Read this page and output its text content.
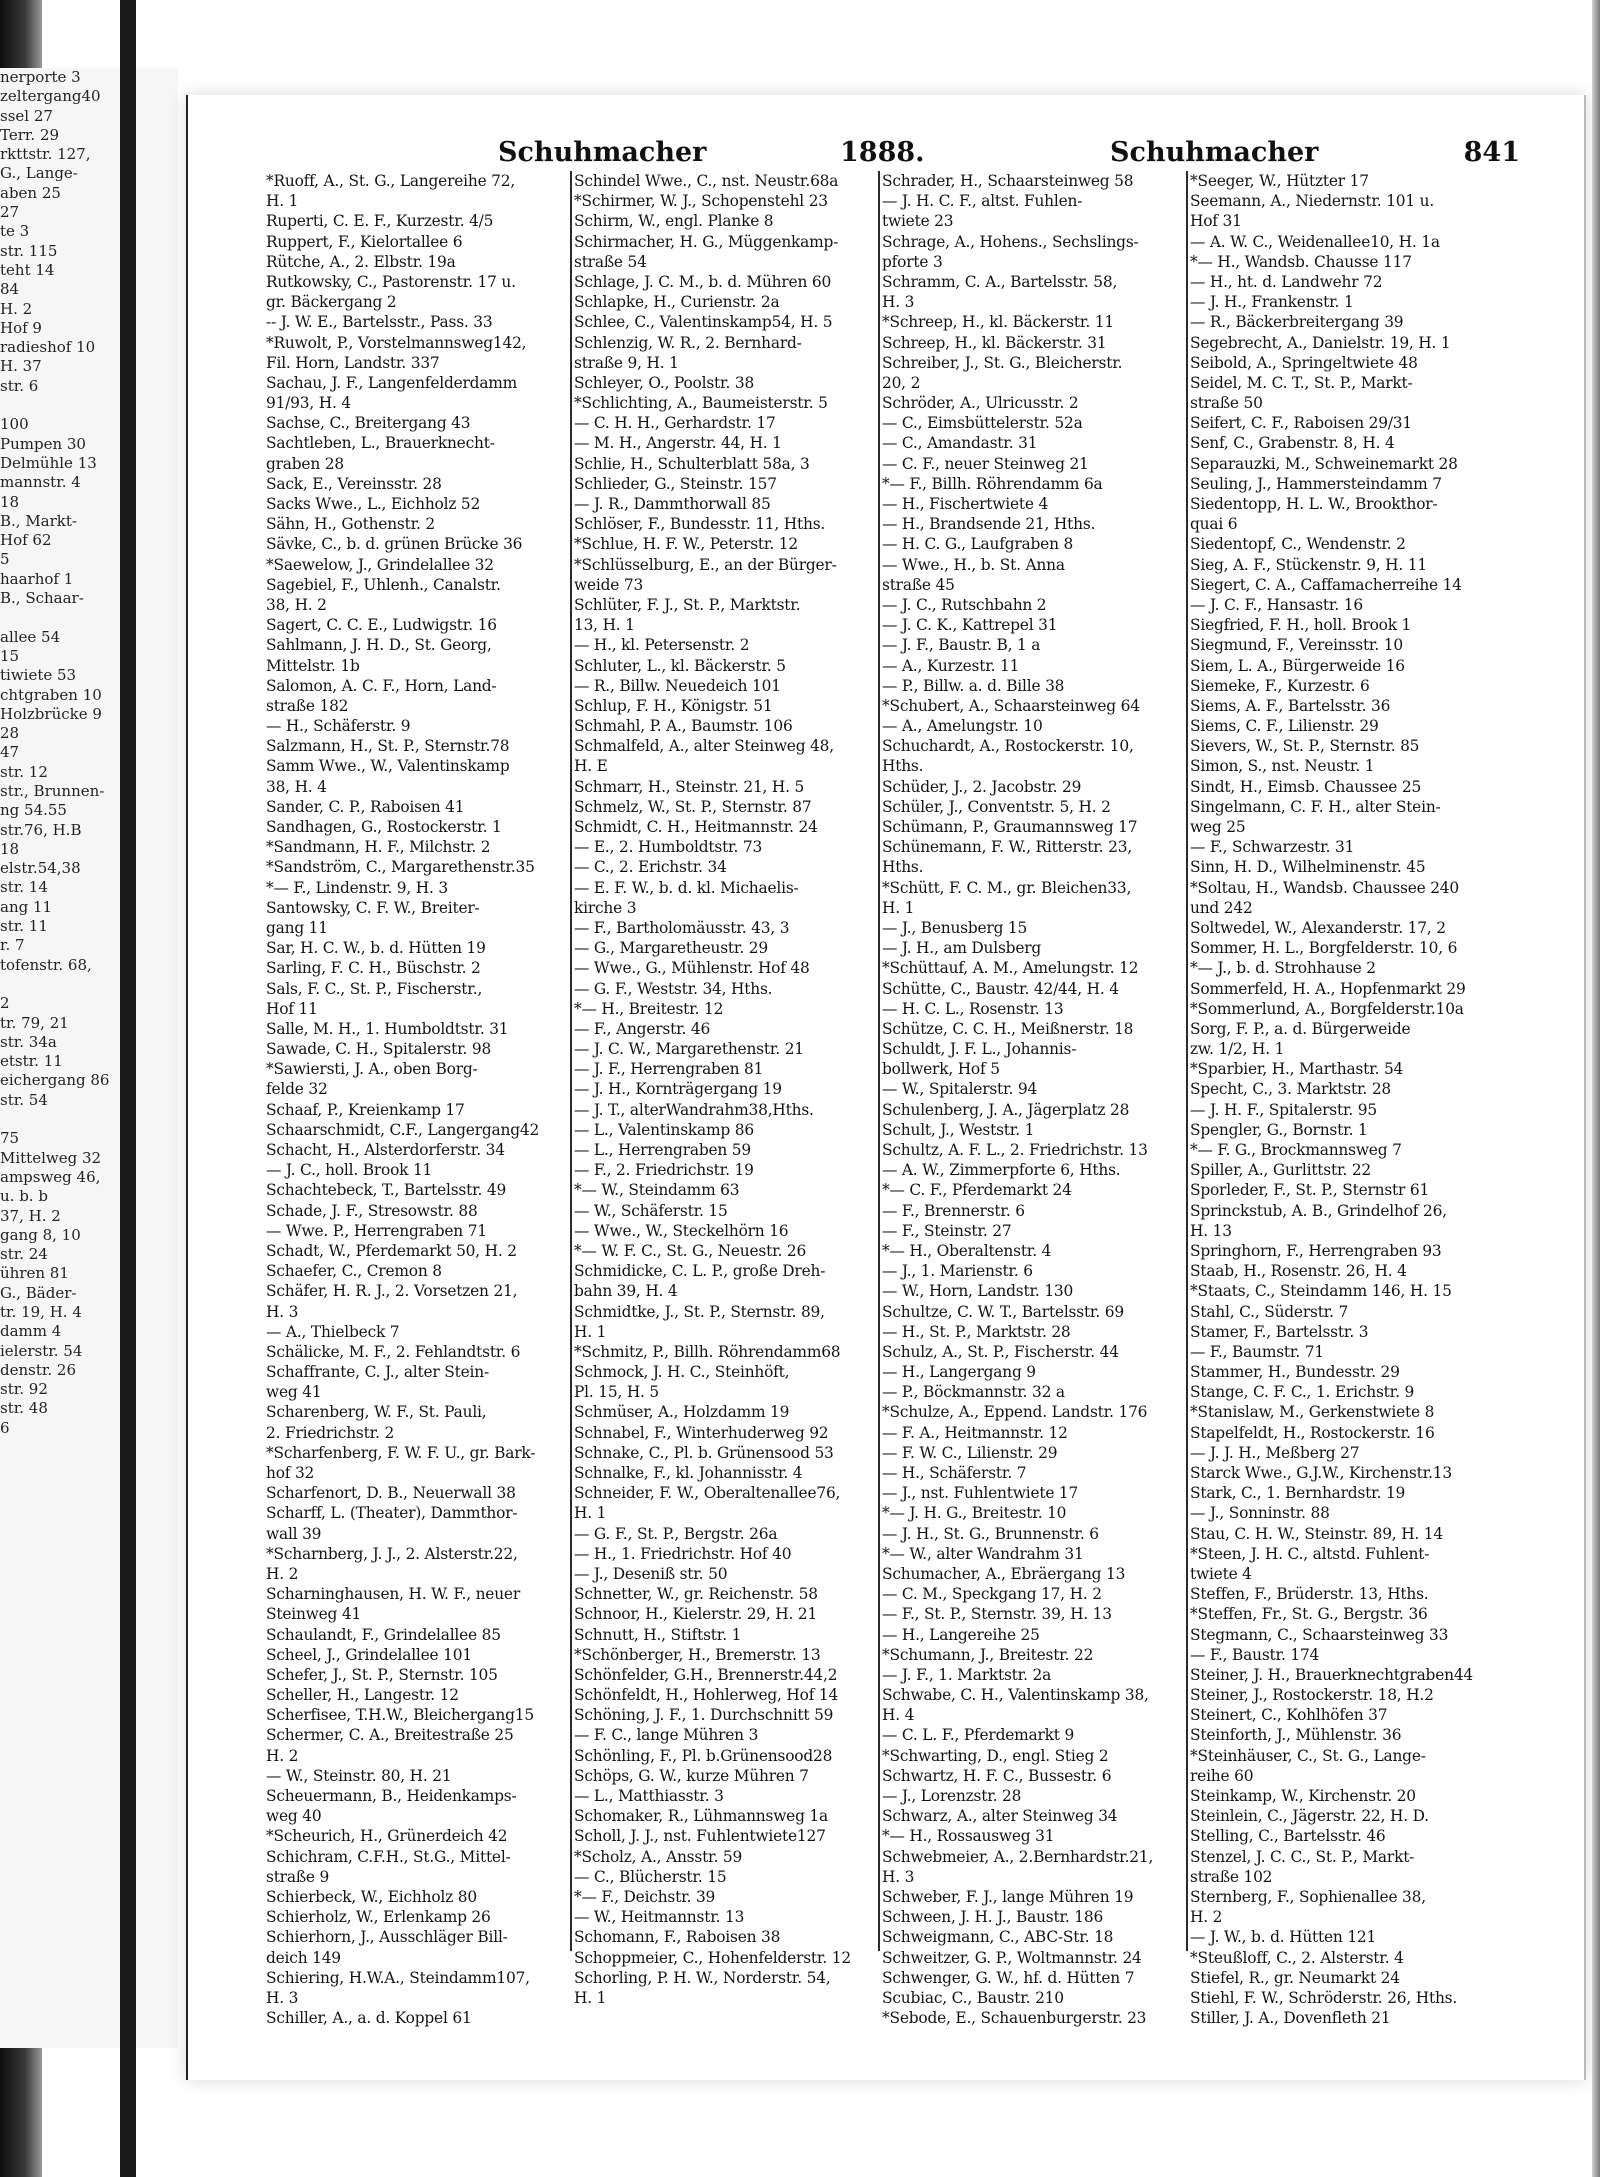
nerporte 3
zeltergang40
ssel 27
Terr. 29
rkttstr. 127,
G., Lange-
aben 25
27
te 3
str. 115
teht 14
84
H. 2
Hof 9
radieshof 10
H. 37
str. 6
100
Pumpen 30
Delmühle 13
mannstr. 4
18
B., Markt-
Hof 62
5
haarhof 1
B., Schaar-
allee 54
15
tiwiete 53
chtgraben 10
Holzbrücke 9
28
47
str. 12
str., Brunnen-
ng 54.55
str.76, H.B
18
elstr.54,38
str. 14
ang 11
str. 11
r. 7
tofenstr. 68,
2
tr. 79, 21
str. 34a
etstr. 11
eichergang 86
str. 54
75
Mittelweg 32
ampsweg 46,
u. b. b
37, H. 2
gang 8, 10
str. 24
ühren 81
G., Bäder-
tr. 19, H. 4
damm 4
ielerstr. 54
denstr. 26
str. 92
str. 48
6
Schuhmacher	1888.	Schuhmacher	841
*Ruoff, A., St. G., Langereihe 72,
H. 1
Ruperti, C. E. F., Kurzestr. 4/5
Ruppert, F., Kielortallee 6
Rütche, A., 2. Elbstr. 19a
Rutkowsky, C., Pastorenstr. 17 u.
gr. Bäckergang 2
-- J. W. E., Bartelsstr., Pass. 33
*Ruwolt, P., Vorstelmannsweg142,
Fil. Horn, Landstr. 337
Sachau, J. F., Langenfelderdamm
91/93, H. 4
Sachse, C., Breitergang 43
Sachtleben, L., Brauerknecht-
graben 28
Sack, E., Vereinsstr. 28
Sacks Wwe., L., Eichholz 52
Sähn, H., Gothenstr. 2
Sävke, C., b. d. grünen Brücke 36
*Saewelow, J., Grindelallee 32
Sagebiel, F., Uhlenh., Canalstr.
38, H. 2
Sagert, C. C. E., Ludwigstr. 16
Sahlmann, J. H. D., St. Georg,
Mittelstr. 1b
Salomon, A. C. F., Horn, Land-
straße 182
— H., Schäferstr. 9
Salzmann, H., St. P., Sternstr.78
Samm Wwe., W., Valentinskamp
38, H. 4
Sander, C. P., Raboisen 41
Sandhagen, G., Rostockerstr. 1
*Sandmann, H. F., Milchstr. 2
*Sandström, C., Margarethenstr.35
*— F., Lindenstr. 9, H. 3
Santowsky, C. F. W., Breiter-
gang 11
Sar, H. C. W., b. d. Hütten 19
Sarling, F. C. H., Büschstr. 2
Sals, F. C., St. P., Fischerstr.,
Hof 11
Salle, M. H., 1. Humboldtstr. 31
Sawade, C. H., Spitalerstr. 98
*Sawiersti, J. A., oben Borg-
felde 32
Schaaf, P., Kreienkamp 17
Schaarschmidt, C.F., Langergang42
Schacht, H., Alsterdorferstr. 34
— J. C., holl. Brook 11
Schachtebeck, T., Bartelsstr. 49
Schade, J. F., Stresowstr. 88
— Wwe. P., Herrengraben 71
Schadt, W., Pferdemarkt 50, H. 2
Schaefer, C., Cremon 8
Schäfer, H. R. J., 2. Vorsetzen 21,
H. 3
— A., Thielbeck 7
Schälicke, M. F., 2. Fehlandtstr. 6
Schaffrante, C. J., alter Stein-
weg 41
Scharenberg, W. F., St. Pauli,
2. Friedrichstr. 2
*Scharfenberg, F. W. F. U., gr. Bark-
hof 32
Scharfenort, D. B., Neuerwall 38
Scharff, L. (Theater), Dammthor-
wall 39
*Scharnberg, J. J., 2. Alsterstr.22,
H. 2
Scharninghausen, H. W. F., neuer
Steinweg 41
Schaulandt, F., Grindelallee 85
Scheel, J., Grindelallee 101
Schefer, J., St. P., Sternstr. 105
Scheller, H., Langestr. 12
Scherfisee, T.H.W., Bleichergang15
Schermer, C. A., Breitestraße 25
H. 2
— W., Steinstr. 80, H. 21
Scheuermann, B., Heidenkamps-
weg 40
*Scheurich, H., Grünerdeich 42
Schichram, C.F.H., St.G., Mittel-
straße 9
Schierbeck, W., Eichholz 80
Schierholz, W., Erlenkamp 26
Schierhorn, J., Ausschläger Bill-
deich 149
Schiering, H.W.A., Steindamm107,
H. 3
Schiller, A., a. d. Koppel 61
Schindel Wwe., C., nst. Neustr.68a
*Schirmer, W. J., Schopenstehl 23
Schirm, W., engl. Planke 8
Schirmacher, H. G., Müggenkamp-
straße 54
Schlage, J. C. M., b. d. Mühren 60
Schlapke, H., Curienstr. 2a
Schlee, C., Valentinskamp54, H. 5
Schlenzig, W. R., 2. Bernhard-
straße 9, H. 1
Schleyer, O., Poolstr. 38
*Schlichting, A., Baumeisterstr. 5
— C. H. H., Gerhardstr. 17
— M. H., Angerstr. 44, H. 1
Schlie, H., Schulterblatt 58a, 3
Schlieder, G., Steinstr. 157
— J. R., Dammthorwall 85
Schlöser, F., Bundesstr. 11, Hths.
*Schlue, H. F. W., Peterstr. 12
*Schlüsselburg, E., an der Bürger-
weide 73
Schlüter, F. J., St. P., Marktstr.
13, H. 1
— H., kl. Petersenstr. 2
Schluter, L., kl. Bäckerstr. 5
— R., Billw. Neuedeich 101
Schlup, F. H., Königstr. 51
Schmahl, P. A., Baumstr. 106
Schmalfeld, A., alter Steinweg 48,
H. E
Schmarr, H., Steinstr. 21, H. 5
Schmelz, W., St. P., Sternstr. 87
Schmidt, C. H., Heitmannstr. 24
— E., 2. Humboldtstr. 73
— C., 2. Erichstr. 34
— E. F. W., b. d. kl. Michaelis-
kirche 3
— F., Bartholomäusstr. 43, 3
— G., Margaretheustr. 29
— Wwe., G., Mühlenstr. Hof 48
— G. F., Weststr. 34, Hths.
*— H., Breitestr. 12
— F., Angerstr. 46
— J. C. W., Margarethenstr. 21
— J. F., Herrengraben 81
— J. H., Kornträgergang 19
— J. T., alterWandrahm38,Hths.
— L., Valentinskamp 86
— L., Herrengraben 59
— F., 2. Friedrichstr. 19
*— W., Steindamm 63
— W., Schäferstr. 15
— Wwe., W., Steckelhörn 16
*— W. F. C., St. G., Neuestr. 26
Schmidicke, C. L. P., große Dreh-
bahn 39, H. 4
Schmidtke, J., St. P., Sternstr. 89,
H. 1
*Schmitz, P., Billh. Röhrendamm68
Schmock, J. H. C., Steinhöft,
Pl. 15, H. 5
Schmüser, A., Holzdamm 19
Schnabel, F., Winterhuderweg 92
Schnake, C., Pl. b. Grünensood 53
Schnalke, F., kl. Johannisstr. 4
Schneider, F. W., Oberaltenallee76,
H. 1
— G. F., St. P., Bergstr. 26a
— H., 1. Friedrichstr. Hof 40
— J., Deseniß str. 50
Schnetter, W., gr. Reichenstr. 58
Schnoor, H., Kielerstr. 29, H. 21
Schnutt, H., Stiftstr. 1
*Schönberger, H., Bremerstr. 13
Schönfelder, G.H., Brennerstr.44,2
Schönfeldt, H., Hohlerweg, Hof 14
Schöning, J. F., 1. Durchschnitt 59
— F. C., lange Mühren 3
Schönling, F., Pl. b.Grünensood28
Schöps, G. W., kurze Mühren 7
— L., Matthiasstr. 3
Schomaker, R., Lühmannsweg 1a
Scholl, J. J., nst. Fuhlentwiete127
*Scholz, A., Ansstr. 59
— C., Blücherstr. 15
*— F., Deichstr. 39
— W., Heitmannstr. 13
Schomann, F., Raboisen 38
Schoppmeier, C., Hohenfelderstr. 12
Schorling, P. H. W., Norderstr. 54,
H. 1
Schrader, H., Schaarsteinweg 58
— J. H. C. F., altst. Fuhlen-
twiete 23
Schrage, A., Hohens., Sechslings-
pforte 3
Schramm, C. A., Bartelsstr. 58,
H. 3
*Schreep, H., kl. Bäckerstr. 11
Schreep, H., kl. Bäckerstr. 31
Schreiber, J., St. G., Bleicherstr.
20, 2
Schröder, A., Ulricusstr. 2
— C., Eimsbüttelerstr. 52a
— C., Amandastr. 31
— C. F., neuer Steinweg 21
*— F., Billh. Röhrendamm 6a
— H., Fischertwiete 4
— H., Brandsende 21, Hths.
— H. C. G., Laufgraben 8
— Wwe., H., b. St. Anna
straße 45
— J. C., Rutschbahn 2
— J. C. K., Kattrepel 31
— J. F., Baustr. B, 1 a
— A., Kurzestr. 11
— P., Billw. a. d. Bille 38
*Schubert, A., Schaarsteinweg 64
— A., Amelungstr. 10
Schuchardt, A., Rostockerstr. 10,
Hths.
Schüder, J., 2. Jacobstr. 29
Schüler, J., Conventstr. 5, H. 2
Schümann, P., Graumannsweg 17
Schünemann, F. W., Ritterstr. 23,
Hths.
*Schütt, F. C. M., gr. Bleichen33,
H. 1
— J., Benusberg 15
— J. H., am Dulsberg
*Schüttauf, A. M., Amelungstr. 12
Schütte, C., Baustr. 42/44, H. 4
— H. C. L., Rosenstr. 13
Schütze, C. C. H., Meißnerstr. 18
Schuldt, J. F. L., Johannis-
bollwerk, Hof 5
— W., Spitalerstr. 94
Schulenberg, J. A., Jägerplatz 28
Schult, J., Weststr. 1
Schultz, A. F. L., 2. Friedrichstr. 13
— A. W., Zimmerpforte 6, Hths.
*— C. F., Pferdemarkt 24
— F., Brennerstr. 6
— F., Steinstr. 27
*— H., Oberaltenstr. 4
— J., 1. Marienstr. 6
— W., Horn, Landstr. 130
Schultze, C. W. T., Bartelsstr. 69
— H., St. P., Marktstr. 28
Schulz, A., St. P., Fischerstr. 44
— H., Langergang 9
— P., Böckmannstr. 32 a
*Schulze, A., Eppend. Landstr. 176
— F. A., Heitmannstr. 12
— F. W. C., Lilienstr. 29
— H., Schäferstr. 7
— J., nst. Fuhlentwiete 17
*— J. H. G., Breitestr. 10
— J. H., St. G., Brunnenstr. 6
*— W., alter Wandrahm 31
Schumacher, A., Ebräergang 13
— C. M., Speckgang 17, H. 2
— F., St. P., Sternstr. 39, H. 13
— H., Langereihe 25
*Schumann, J., Breitestr. 22
— J. F., 1. Marktstr. 2a
Schwabe, C. H., Valentinskamp 38,
H. 4
— C. L. F., Pferdemarkt 9
*Schwarting, D., engl. Stieg 2
Schwartz, H. F. C., Bussestr. 6
— J., Lorenzstr. 28
Schwarz, A., alter Steinweg 34
*— H., Rossausweg 31
Schwebmeier, A., 2.Bernhardstr.21,
H. 3
Schweber, F. J., lange Mühren 19
Schween, J. H. J., Baustr. 186
Schweigmann, C., ABC-Str. 18
Schweitzer, G. P., Woltmannstr. 24
Schwenger, G. W., hf. d. Hütten 7
Scubiac, C., Baustr. 210
*Sebode, E., Schauenburgerstr. 23
*Seeger, W., Hützter 17
Seemann, A., Niedernstr. 101 u.
Hof 31
— A. W. C., Weidenallee10, H. 1a
*— H., Wandsb. Chausse 117
— H., ht. d. Landwehr 72
— J. H., Frankenstr. 1
— R., Bäckerbreitergang 39
Segebrecht, A., Danielstr. 19, H. 1
Seibold, A., Springeltwiete 48
Seidel, M. C. T., St. P., Markt-
straße 50
Seifert, C. F., Raboisen 29/31
Senf, C., Grabenstr. 8, H. 4
Separauzki, M., Schweinemarkt 28
Seuling, J., Hammersteindamm 7
Siedentopp, H. L. W., Brookthor-
quai 6
Siedentopf, C., Wendenstr. 2
Sieg, A. F., Stückenstr. 9, H. 11
Siegert, C. A., Caffamacherreihe 14
— J. C. F., Hansastr. 16
Siegfried, F. H., holl. Brook 1
Siegmund, F., Vereinsstr. 10
Siem, L. A., Bürgerweide 16
Siemeke, F., Kurzestr. 6
Siems, A. F., Bartelsstr. 36
Siems, C. F., Lilienstr. 29
Sievers, W., St. P., Sternstr. 85
Simon, S., nst. Neustr. 1
Sindt, H., Eimsb. Chaussee 25
Singelmann, C. F. H., alter Stein-
weg 25
— F., Schwarzestr. 31
Sinn, H. D., Wilhelminenstr. 45
*Soltau, H., Wandsb. Chaussee 240
und 242
Soltwedel, W., Alexanderstr. 17, 2
Sommer, H. L., Borgfelderstr. 10, 6
*— J., b. d. Strohhause 2
Sommerfeld, H. A., Hopfenmarkt 29
*Sommerlund, A., Borgfelderstr.10a
Sorg, F. P., a. d. Bürgerweide
zw. 1/2, H. 1
*Sparbier, H., Marthastr. 54
Specht, C., 3. Marktstr. 28
— J. H. F., Spitalerstr. 95
Spengler, G., Bornstr. 1
*— F. G., Brockmannsweg 7
Spiller, A., Gurlittstr. 22
Sporleder, F., St. P., Sternstr 61
Sprinckstub, A. B., Grindelhof 26,
H. 13
Springhorn, F., Herrengraben 93
Staab, H., Rosenstr. 26, H. 4
*Staats, C., Steindamm 146, H. 15
Stahl, C., Süderstr. 7
Stamer, F., Bartelsstr. 3
— F., Baumstr. 71
Stammer, H., Bundesstr. 29
Stange, C. F. C., 1. Erichstr. 9
*Stanislaw, M., Gerkenstwiete 8
Stapelfeldt, H., Rostockerstr. 16
— J. J. H., Meßberg 27
Starck Wwe., G.J.W., Kirchenstr.13
Stark, C., 1. Bernhardstr. 19
— J., Sonninstr. 88
Stau, C. H. W., Steinstr. 89, H. 14
*Steen, J. H. C., altstd. Fuhlent-
twiete 4
Steffen, F., Brüderstr. 13, Hths.
*Steffen, Fr., St. G., Bergstr. 36
Stegmann, C., Schaarsteinweg 33
— F., Baustr. 174
Steiner, J. H., Brauerknechtgraben44
Steiner, J., Rostockerstr. 18, H.2
Steinert, C., Kohlhöfen 37
Steinforth, J., Mühlenstr. 36
*Steinhäuser, C., St. G., Lange-
reihe 60
Steinkamp, W., Kirchenstr. 20
Steinlein, C., Jägerstr. 22, H. D.
Stelling, C., Bartelsstr. 46
Stenzel, J. C. C., St. P., Markt-
straße 102
Sternberg, F., Sophienallee 38,
H. 2
— J. W., b. d. Hütten 121
*Steußloff, C., 2. Alsterstr. 4
Stiefel, R., gr. Neumarkt 24
Stiehl, F. W., Schröderstr. 26, Hths.
Stiller, J. A., Dovenfleth 21
